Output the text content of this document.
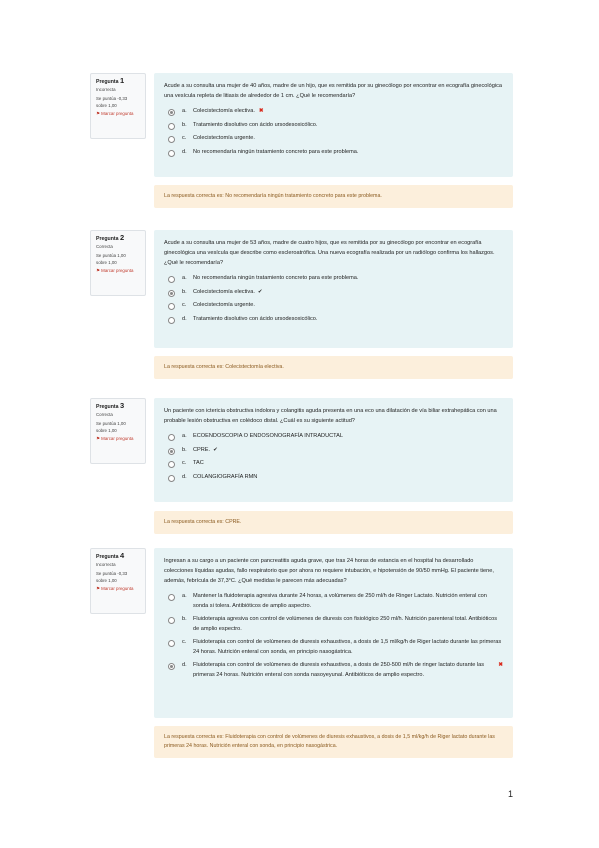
Pregunta 1
Incorrecta
Se puntúa -0,33
sobre 1,00
⚑ Marcar pregunta
Acude a su consulta una mujer de 40 años, madre de un hijo, que es remitida por su ginecólogo por encontrar en ecografía ginecológica una vesícula repleta de litiasis de alrededor de 1 cm. ¿Qué le recomendaría?
a.	Colecistectomía electiva. ✖
b.	Tratamiento disolutivo con ácido ursodesoxicólico.
c.	Colecistectomía urgente.
d.	No recomendaría ningún tratamiento concreto para este problema.
La respuesta correcta es: No recomendaría ningún tratamiento concreto para este problema.
Pregunta 2
Correcta
Se puntúa 1,00
sobre 1,00
⚑ Marcar pregunta
Acude a su consulta una mujer de 53 años, madre de cuatro hijos, que es remitida por su ginecólogo por encontrar en ecografía ginecológica una vesícula que describe como escleroatrófica. Una nueva ecografía realizada por un radiólogo confirma los hallazgos. ¿Qué le recomendaría?
a.	No recomendaría ningún tratamiento concreto para este problema.
b.	Colecistectomía electiva. ✔
c.	Colecistectomía urgente.
d.	Tratamiento disolutivo con ácido ursodesoxicólico.
La respuesta correcta es: Colecistectomía electiva.
Pregunta 3
Correcta
Se puntúa 1,00
sobre 1,00
⚑ Marcar pregunta
Un paciente con ictericia obstructiva indolora y colangitis aguda presenta en una eco una dilatación de vía biliar extrahepática con una probable lesión obstructiva en colédoco distal. ¿Cuál es su siguiente actitud?
a.	ECOENDOSCOPIA O ENDOSONOGRAFÍA INTRADUCTAL
b.	CPRE. ✔
c.	TAC
d.	COLANGIOGRAFÍA RMN
La respuesta correcta es: CPRE.
Pregunta 4
Incorrecta
Se puntúa -0,33
sobre 1,00
⚑ Marcar pregunta
Ingresan a su cargo a un paciente con pancreatitis aguda grave, que tras 24 horas de estancia en el hospital ha desarrollado colecciones líquidas agudas, fallo respiratorio que por ahora no requiere intubación, e hipotensión de 90/50 mmHg. El paciente tiene, además, febrícula de 37,3°C. ¿Qué medidas le parecen más adecuadas?
a.	Mantener la fluidoterapia agresiva durante 24 horas, a volúmenes de 250 ml/h de Ringer Lactato. Nutrición enteral con sonda si tolera. Antibióticos de amplio aspectro.
b.	Fluidoterapia agresiva con control de volúmenes de diuresis con fisiológico 250 ml/h. Nutrición parenteral total. Antibióticos de amplio espectro.
c.	Fluidoterapia con control de volúmenes de diuresis exhaustivos, a dosis de 1,5 ml/kg/h de Riger lactato durante las primeras 24 horas. Nutrición enteral con sonda, en principio nasogástrica.
d.	Fluidoterapia con control de volúmenes de diuresis exhaustivos, a dosis de 250-500 ml/h de ringer lactato durante las primeras 24 horas. Nutrición enteral con sonda nasoyeyunal. Antibióticos de amplio espectro.
✖
La respuesta correcta es: Fluidoterapia con control de volúmenes de diuresis exhaustivos, a dosis de 1,5 ml/kg/h de Riger lactato durante las primeras 24 horas. Nutrición enteral con sonda, en principio nasogástrica.
1
